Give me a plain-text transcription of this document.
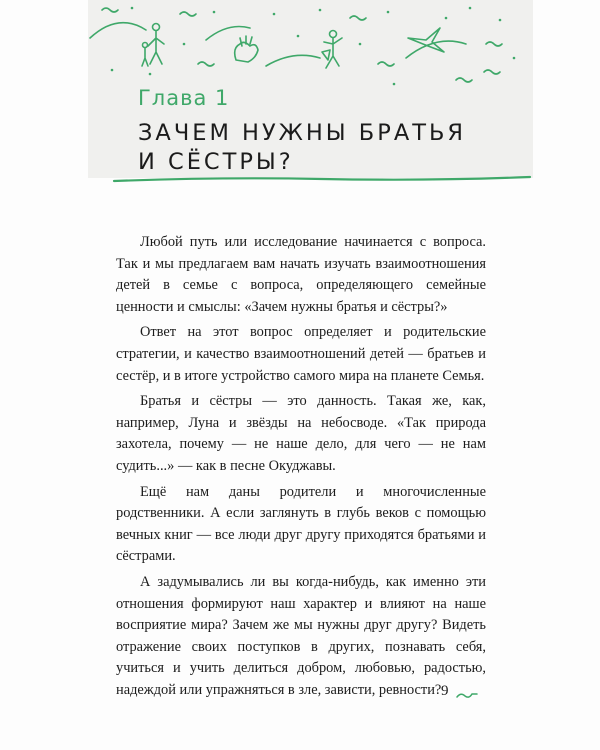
Глава 1
ЗАЧЕМ НУЖНЫ БРАТЬЯ
И СЁСТРЫ?

Любой путь или исследование начинается с вопроса. Так и мы предлагаем вам начать изучать взаимоотношения детей в семье с вопроса, определяющего семейные ценности и смыслы: «Зачем нужны братья и сёстры?»

Ответ на этот вопрос определяет и родительские стратегии, и качество взаимоотношений детей — братьев и сестёр, и в итоге устройство самого мира на планете Семья.

Братья и сёстры — это данность. Такая же, как, например, Луна и звёзды на небосводе. «Так природа захотела, почему — не наше дело, для чего — не нам судить...» — как в песне Окуджавы.

Ещё нам даны родители и многочисленные родственники. А если заглянуть в глубь веков с помощью вечных книг — все люди друг другу приходятся братьями и сёстрами.

А задумывались ли вы когда-нибудь, как именно эти отношения формируют наш характер и влияют на наше восприятие мира? Зачем же мы нужны друг другу? Видеть отражение своих поступков в других, познавать себя, учиться и учить делиться добром, любовью, радостью, надеждой или упражняться в зле, зависти, ревности? 9
